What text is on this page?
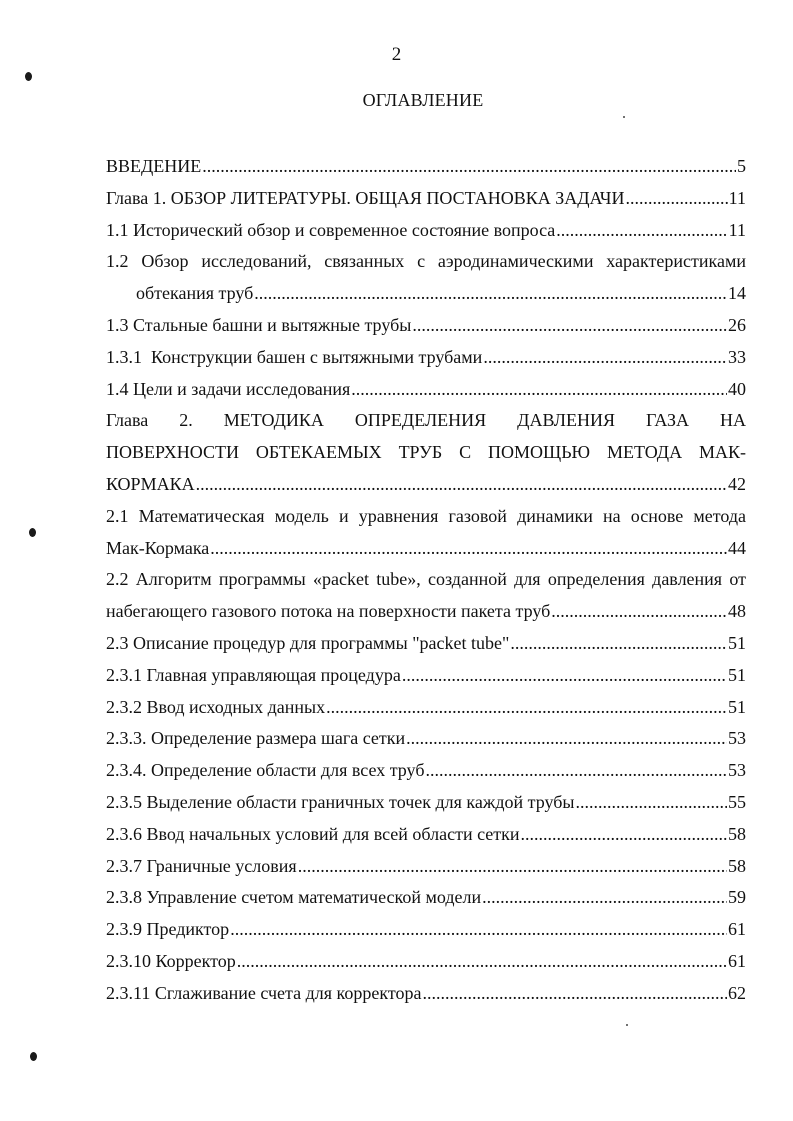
2
ОГЛАВЛЕНИЕ
ВВЕДЕНИЕ .....	5
Глава 1. ОБЗОР ЛИТЕРАТУРЫ. ОБЩАЯ ПОСТАНОВКА ЗАДАЧИ .....	11
1.1 Исторический обзор и современное состояние вопроса .....	11
1.2 Обзор исследований, связанных с аэродинамическими характеристиками
обтекания труб .....	14
1.3 Стальные башни и вытяжные трубы .....	26
1.3.1  Конструкции башен с вытяжными трубами .....	33
1.4 Цели и задачи исследования .....	40
Глава 2. МЕТОДИКА ОПРЕДЕЛЕНИЯ ДАВЛЕНИЯ ГАЗА НА
ПОВЕРХНОСТИ ОБТЕКАЕМЫХ ТРУБ С ПОМОЩЬЮ МЕТОДА МАК-
КОРМАКА .....	42
2.1 Математическая модель и уравнения газовой динамики на основе метода
Мак-Кормака .....	44
2.2 Алгоритм программы «packet tube», созданной для определения давления от
набегающего газового потока на поверхности пакета труб .....	48
2.3 Описание процедур для программы "packet tube" .....	51
2.3.1 Главная управляющая процедура .....	51
2.3.2 Ввод исходных данных .....	51
2.3.3. Определение размера шага сетки .....	53
2.3.4. Определение области для всех труб .....	53
2.3.5 Выделение области граничных точек для каждой трубы .....	55
2.3.6 Ввод начальных условий для всей области сетки .....	58
2.3.7 Граничные условия .....	58
2.3.8 Управление счетом математической модели .....	59
2.3.9 Предиктор .....	61
2.3.10 Корректор .....	61
2.3.11 Сглаживание счета для корректора .....	62
